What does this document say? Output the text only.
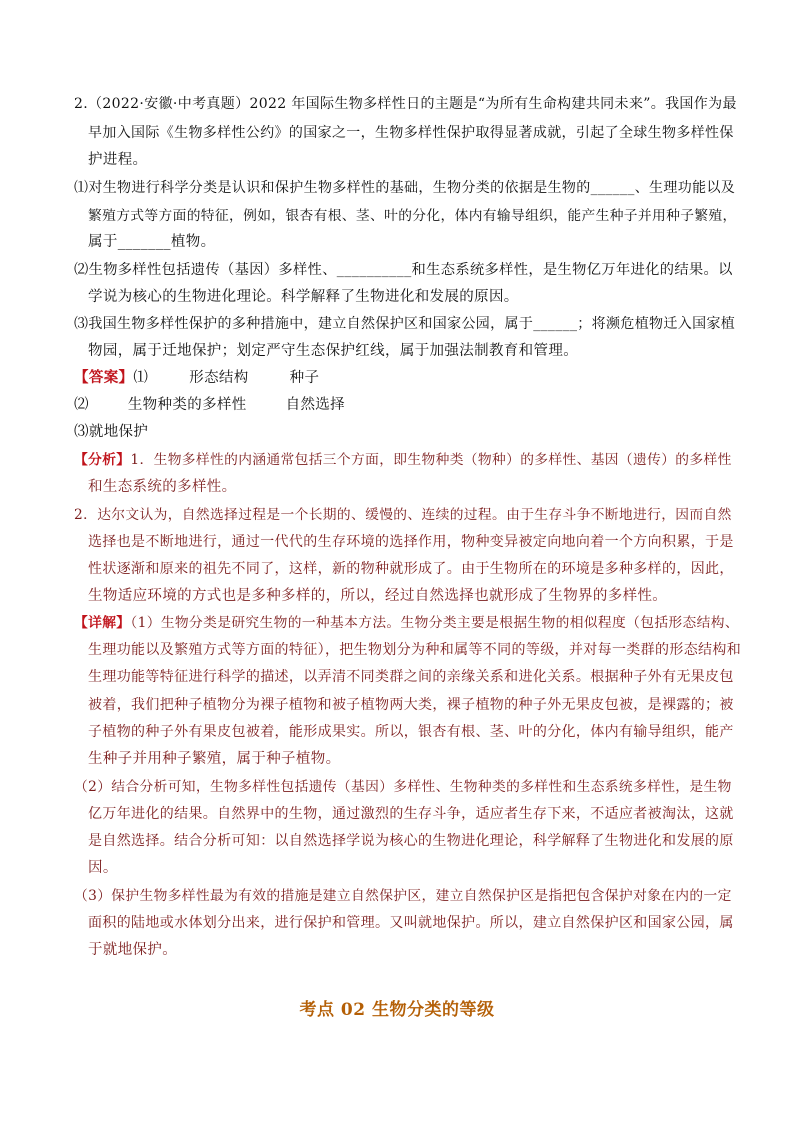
2.（2022·安徽·中考真题）2022 年国际生物多样性日的主题是“为所有生命构建共同未来”。我国作为最
早加入国际《生物多样性公约》的国家之一，生物多样性保护取得显著成就，引起了全球生物多样性保
护进程。
⑴对生物进行科学分类是认识和保护生物多样性的基础，生物分类的依据是生物的______、生理功能以及
繁殖方式等方面的特征，例如，银杏有根、茎、叶的分化，体内有输导组织，能产生种子并用种子繁殖，
属于_______植物。
⑵生物多样性包括遗传（基因）多样性、__________和生态系统多样性，是生物亿万年进化的结果。以
学说为核心的生物进化理论。科学解释了生物进化和发展的原因。
⑶我国生物多样性保护的多种措施中，建立自然保护区和国家公园，属于______；将濒危植物迁入国家植
物园，属于迁地保护；划定严守生态保护红线，属于加强法制教育和管理。
【答案】⑴	形态结构	种子
⑵	生物种类的多样性	自然选择
⑶就地保护
【分析】1．生物多样性的内涵通常包括三个方面，即生物种类（物种）的多样性、基因（遗传）的多样性
和生态系统的多样性。
2．达尔文认为，自然选择过程是一个长期的、缓慢的、连续的过程。由于生存斗争不断地进行，因而自然
选择也是不断地进行，通过一代代的生存环境的选择作用，物种变异被定向地向着一个方向积累，于是
性状逐渐和原来的祖先不同了，这样，新的物种就形成了。由于生物所在的环境是多种多样的，因此，
生物适应环境的方式也是多种多样的，所以，经过自然选择也就形成了生物界的多样性。
【详解】（1）生物分类是研究生物的一种基本方法。生物分类主要是根据生物的相似程度（包括形态结构、
生理功能以及繁殖方式等方面的特征），把生物划分为种和属等不同的等级，并对每一类群的形态结构和
生理功能等特征进行科学的描述，以弄清不同类群之间的亲缘关系和进化关系。根据种子外有无果皮包
被着，我们把种子植物分为裸子植物和被子植物两大类，裸子植物的种子外无果皮包被，是裸露的；被
子植物的种子外有果皮包被着，能形成果实。所以，银杏有根、茎、叶的分化，体内有输导组织，能产
生种子并用种子繁殖，属于种子植物。
（2）结合分析可知，生物多样性包括遗传（基因）多样性、生物种类的多样性和生态系统多样性，是生物
亿万年进化的结果。自然界中的生物，通过激烈的生存斗争，适应者生存下来，不适应者被淘汰，这就
是自然选择。结合分析可知：以自然选择学说为核心的生物进化理论，科学解释了生物进化和发展的原
因。
（3）保护生物多样性最为有效的措施是建立自然保护区，建立自然保护区是指把包含保护对象在内的一定
面积的陆地或水体划分出来，进行保护和管理。又叫就地保护。所以，建立自然保护区和国家公园，属
于就地保护。
考点 02 生物分类的等级
